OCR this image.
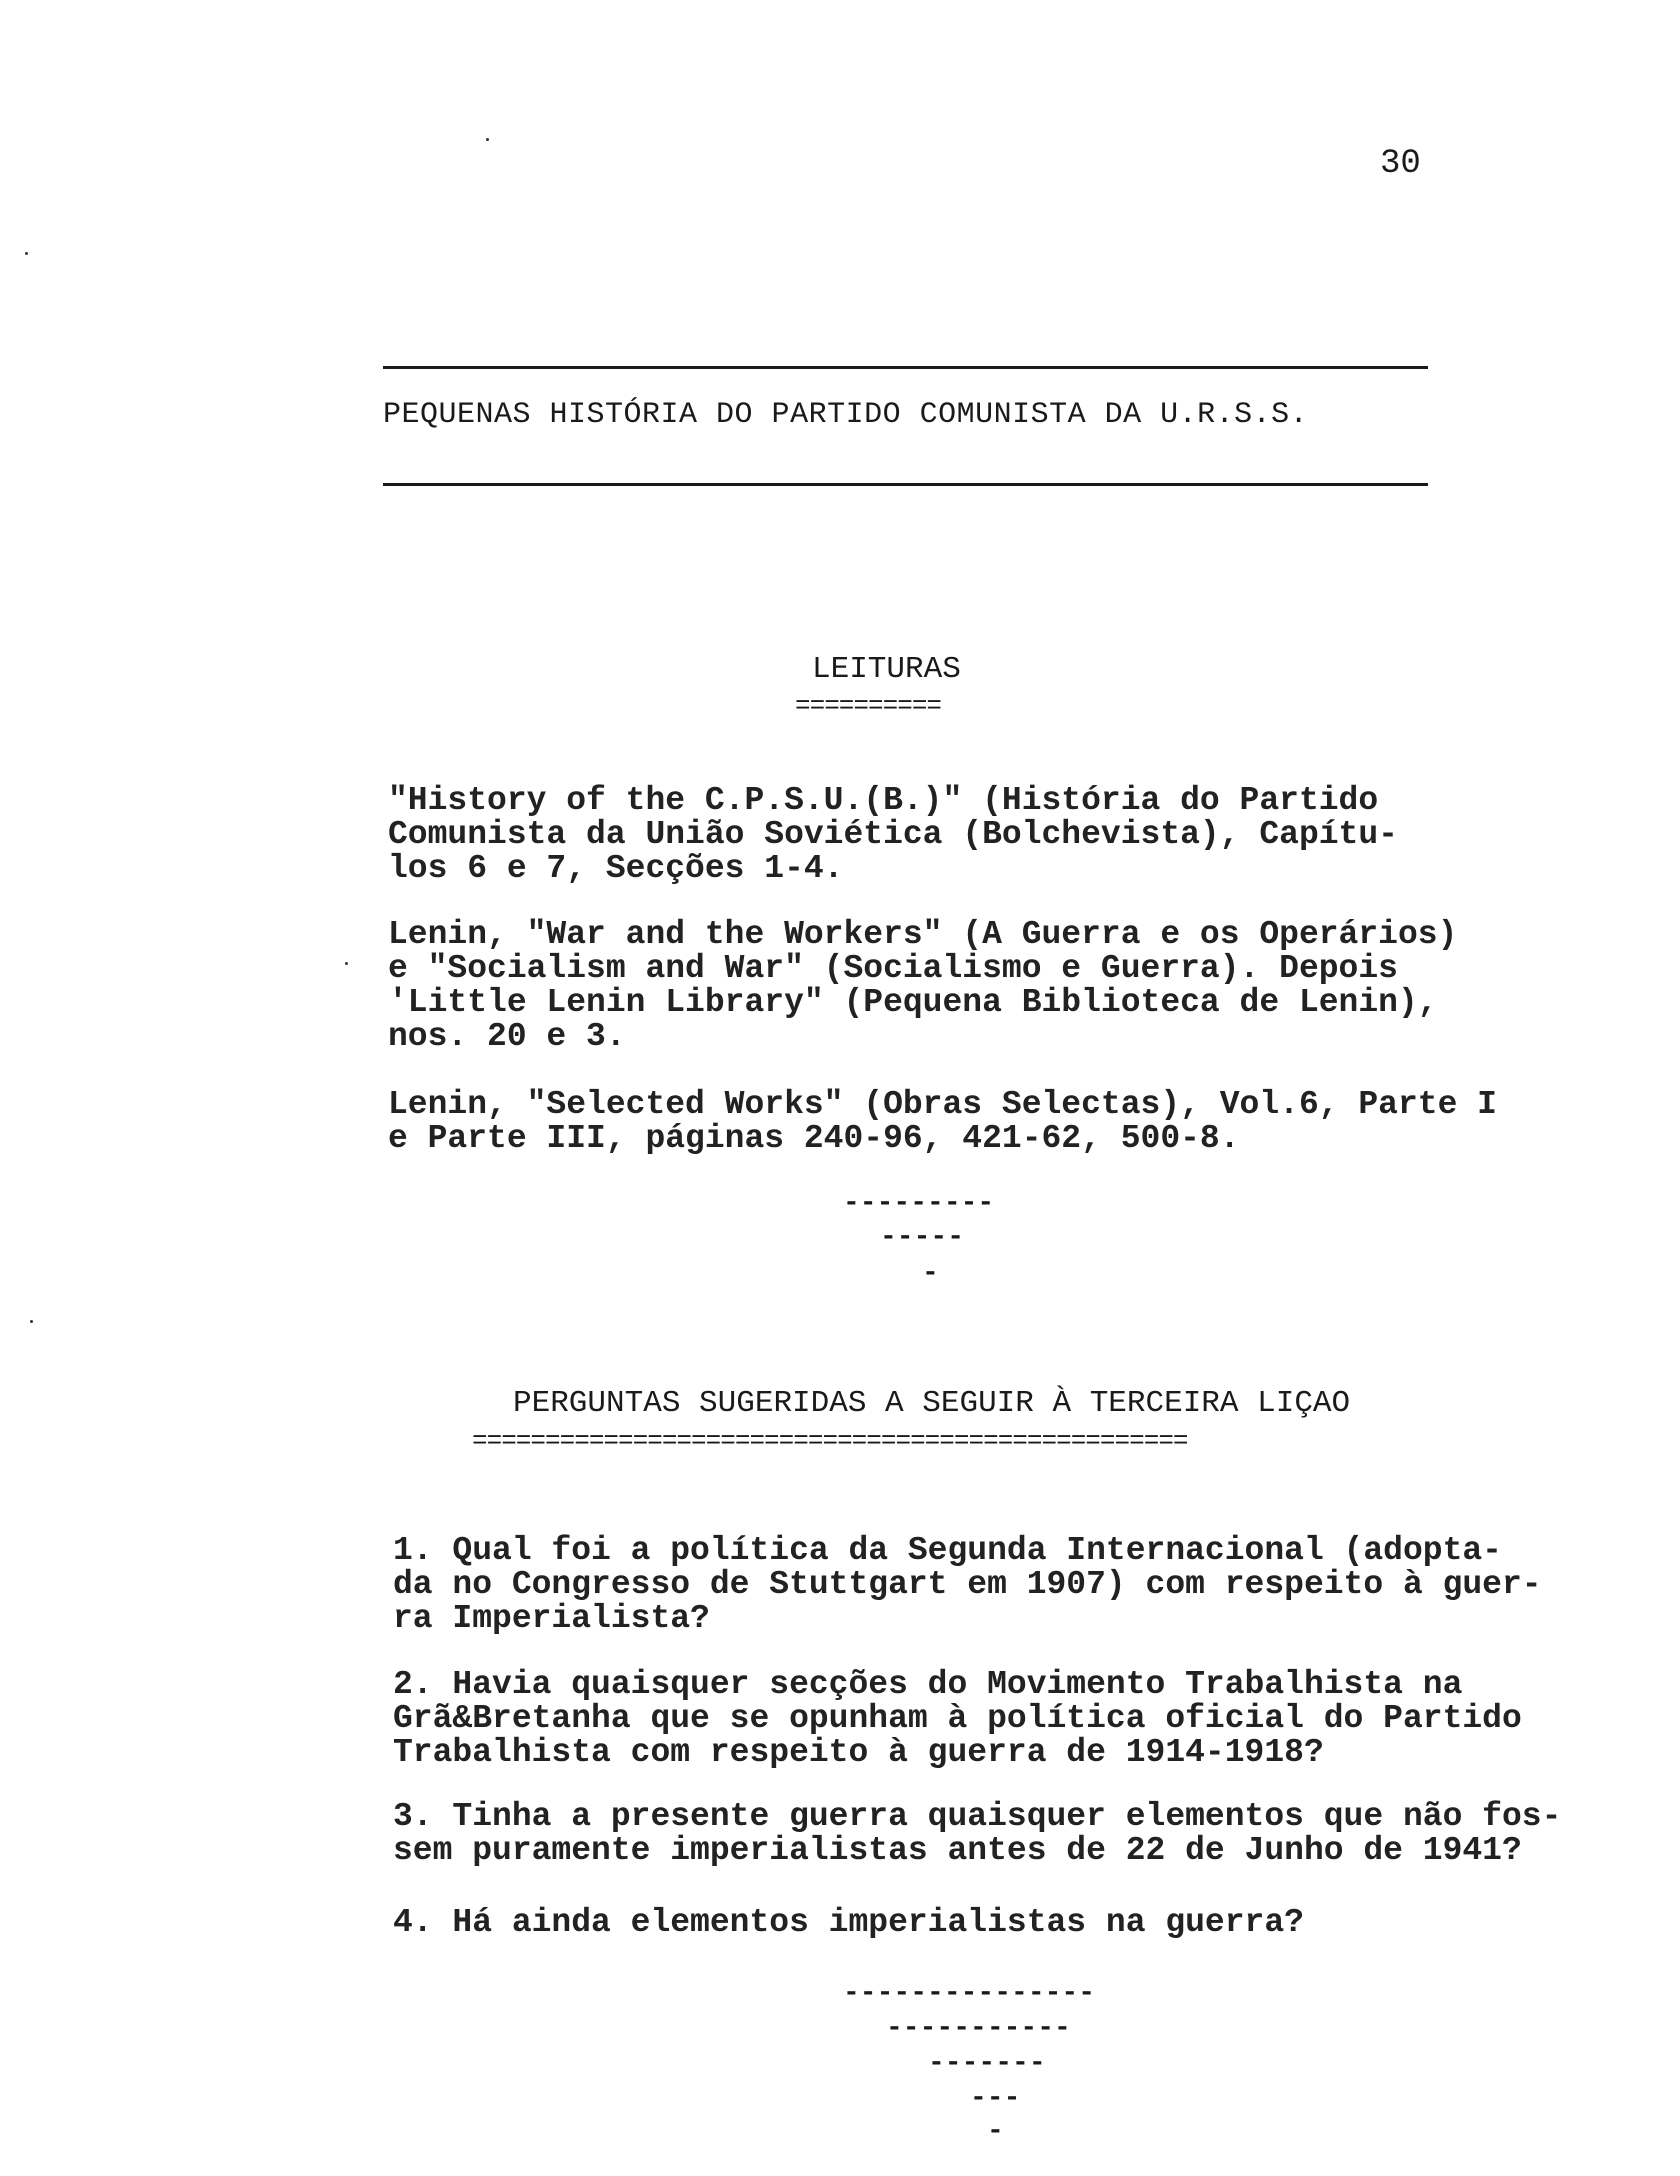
30
PEQUENAS HISTÓRIA DO PARTIDO COMUNISTA DA U.R.S.S.
LEITURAS
==========
"History of the C.P.S.U.(B.)" (História do Partido
Comunista da União Soviética (Bolchevista), Capítu-
los 6 e 7, Secções 1-4.
Lenin, "War and the Workers" (A Guerra e os Operários)
e "Socialism and War" (Socialismo e Guerra). Depois
'Little Lenin Library" (Pequena Biblioteca de Lenin),
nos. 20 e 3.
Lenin, "Selected Works" (Obras Selectas), Vol.6, Parte I
e Parte III, páginas 240-96, 421-62, 500-8.
---------
-----
-
PERGUNTAS SUGERIDAS A SEGUIR À TERCEIRA LIÇAO
=================================================
1. Qual foi a política da Segunda Internacional (adopta-
da no Congresso de Stuttgart em 1907) com respeito à guer-
ra Imperialista?
2. Havia quaisquer secções do Movimento Trabalhista na
Grã&Bretanha que se opunham à política oficial do Partido
Trabalhista com respeito à guerra de 1914-1918?
3. Tinha a presente guerra quaisquer elementos que não fos-
sem puramente imperialistas antes de 22 de Junho de 1941?
4. Há ainda elementos imperialistas na guerra?
---------------
-----------
-------
---
-
